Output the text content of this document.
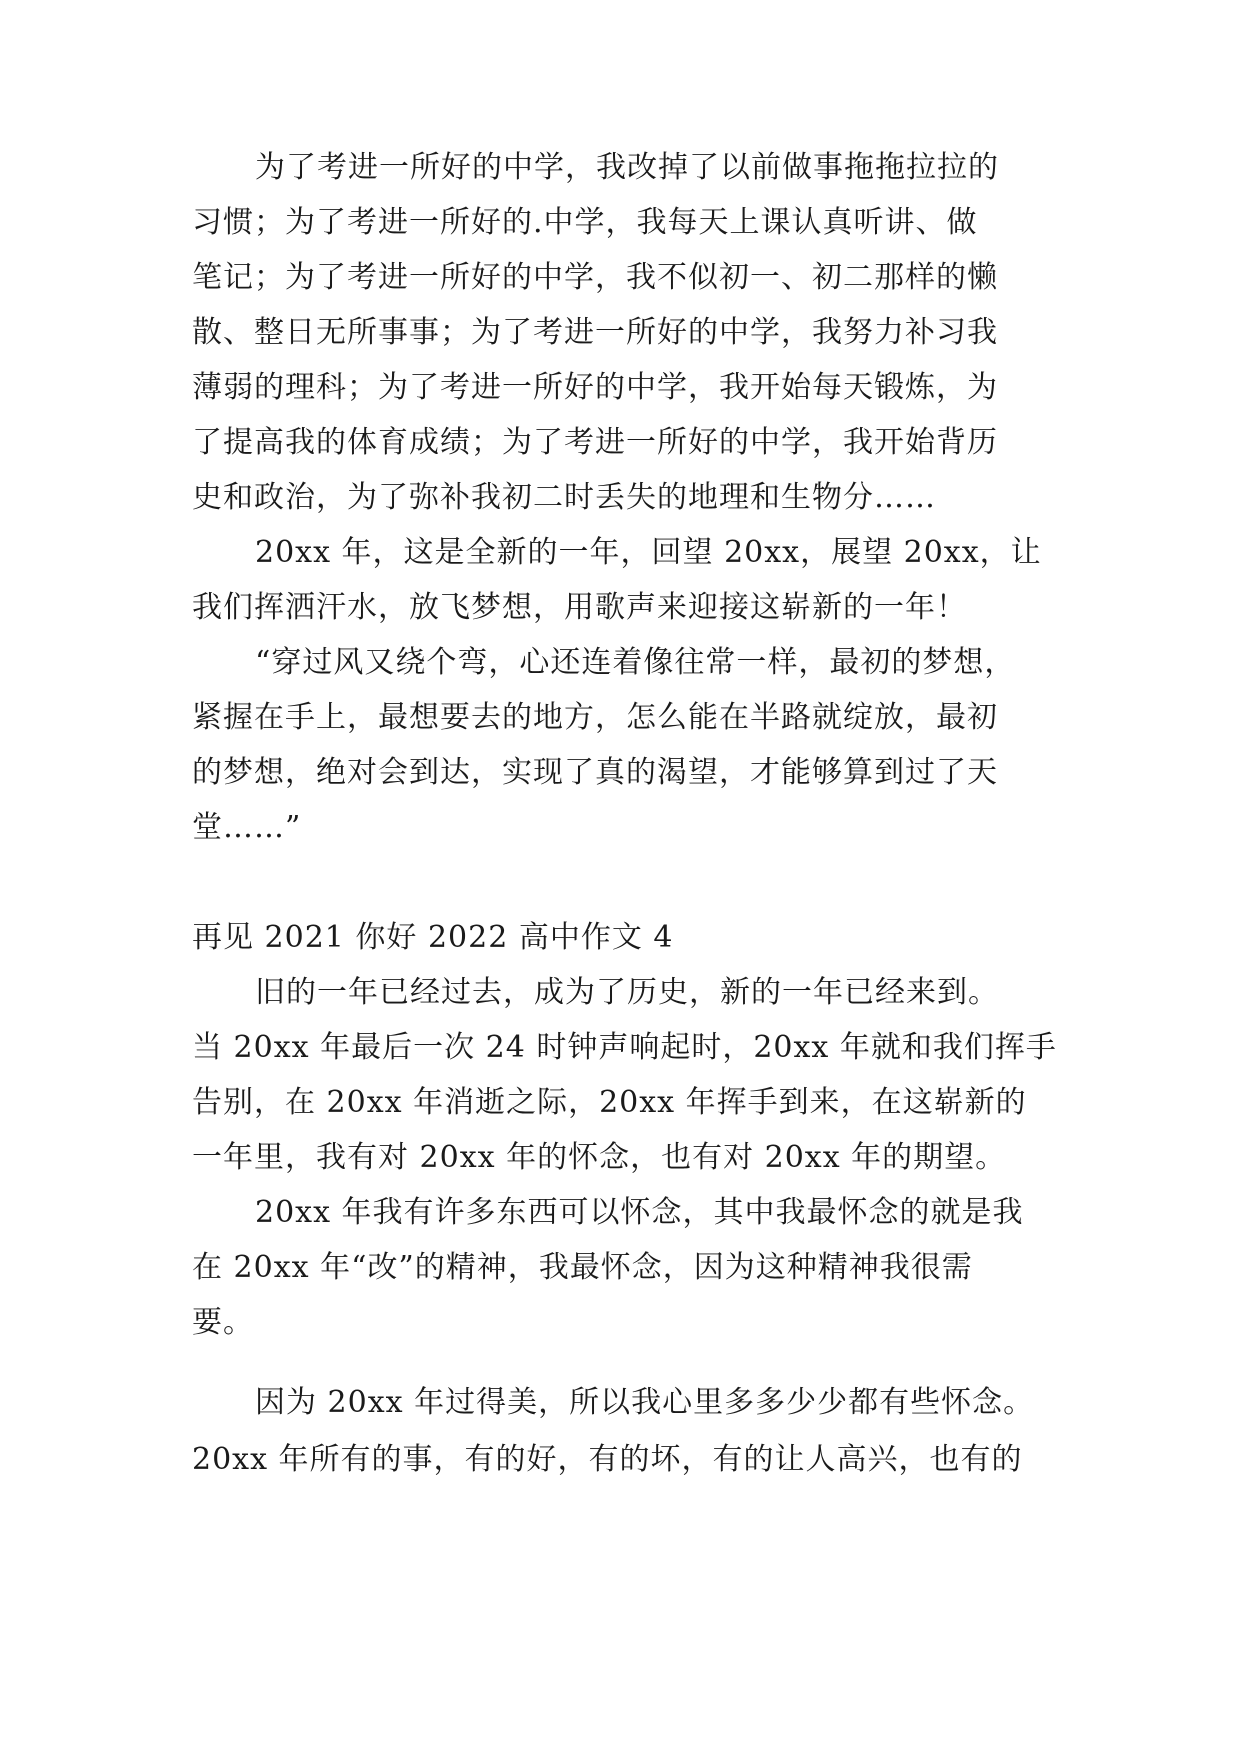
为了考进一所好的中学，我改掉了以前做事拖拖拉拉的
习惯；为了考进一所好的.中学，我每天上课认真听讲、做
笔记；为了考进一所好的中学，我不似初一、初二那样的懒
散、整日无所事事；为了考进一所好的中学，我努力补习我
薄弱的理科；为了考进一所好的中学，我开始每天锻炼，为
了提高我的体育成绩；为了考进一所好的中学，我开始背历
史和政治，为了弥补我初二时丢失的地理和生物分……
20xx 年，这是全新的一年，回望 20xx，展望 20xx，让
我们挥洒汗水，放飞梦想，用歌声来迎接这崭新的一年！
“穿过风又绕个弯，心还连着像往常一样，最初的梦想，
紧握在手上，最想要去的地方，怎么能在半路就绽放，最初
的梦想，绝对会到达，实现了真的渴望，才能够算到过了天
堂……”
再见 2021 你好 2022 高中作文 4
旧的一年已经过去，成为了历史，新的一年已经来到。
当 20xx 年最后一次 24 时钟声响起时，20xx 年就和我们挥手
告别，在 20xx 年消逝之际，20xx 年挥手到来，在这崭新的
一年里，我有对 20xx 年的怀念，也有对 20xx 年的期望。
20xx 年我有许多东西可以怀念，其中我最怀念的就是我
在 20xx 年“改”的精神，我最怀念，因为这种精神我很需
要。
因为 20xx 年过得美，所以我心里多多少少都有些怀念。
20xx 年所有的事，有的好，有的坏，有的让人高兴，也有的
